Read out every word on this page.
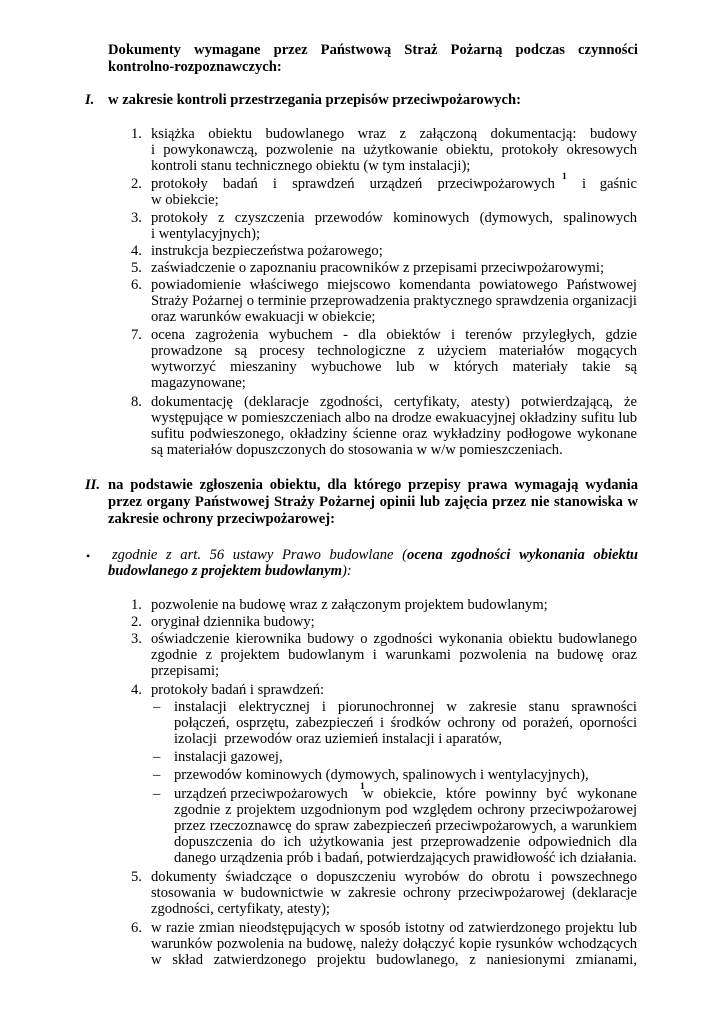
Dokumenty wymagane przez Państwową Straż Pożarną podczas czynności
kontrolno-rozpoznawczych:
I. w zakresie kontroli przestrzegania przepisów przeciwpożarowych:
1. książka obiektu budowlanego wraz z załączoną dokumentacją: budowy
i powykonawczą, pozwolenie na użytkowanie obiektu, protokoły okresowych
kontroli stanu technicznego obiektu (w tym instalacji);
2. protokoły badań i sprawdzeń urządzeń przeciwpożarowych 1 i gaśnic
w obiekcie;
3. protokoły z czyszczenia przewodów kominowych (dymowych, spalinowych
i wentylacyjnych);
4. instrukcja bezpieczeństwa pożarowego;
5. zaświadczenie o zapoznaniu pracowników z przepisami przeciwpożarowymi;
6. powiadomienie właściwego miejscowo komendanta powiatowego Państwowej
Straży Pożarnej o terminie przeprowadzenia praktycznego sprawdzenia organizacji
oraz warunków ewakuacji w obiekcie;
7. ocena zagrożenia wybuchem - dla obiektów i terenów przyległych, gdzie
prowadzone są procesy technologiczne z użyciem materiałów mogących
wytworzyć mieszaniny wybuchowe lub w których materiały takie są
magazynowane;
8. dokumentację (deklaracje zgodności, certyfikaty, atesty) potwierdzającą, że
występujące w pomieszczeniach albo na drodze ewakuacyjnej okładziny sufitu lub
sufitu podwieszonego, okładziny ścienne oraz wykładziny podłogowe wykonane
są materiałów dopuszczonych do stosowania w w/w pomieszczeniach.
II. na podstawie zgłoszenia obiektu, dla którego przepisy prawa wymagają wydania
przez organy Państwowej Straży Pożarnej opinii lub zajęcia przez nie stanowiska w
zakresie ochrony przeciwpożarowej:
• zgodnie z art. 56 ustawy Prawo budowlane (ocena zgodności wykonania obiektu
budowlanego z projektem budowlanym):
1. pozwolenie na budowę wraz z załączonym projektem budowlanym;
2. oryginał dziennika budowy;
3. oświadczenie kierownika budowy o zgodności wykonania obiektu budowlanego
zgodnie z projektem budowlanym i warunkami pozwolenia na budowę oraz
przepisami;
4. protokoły badań i sprawdzeń:
– instalacji elektrycznej i piorunochronnej w zakresie stanu sprawności
połączeń, osprzętu, zabezpieczeń i środków ochrony od porażeń, oporności
izolacji  przewodów oraz uziemień instalacji i aparatów,
– instalacji gazowej,
– przewodów kominowych (dymowych, spalinowych i wentylacyjnych),
– urządzeń przeciwpożarowych 1
w obiekcie, które powinny być wykonane
zgodnie z projektem uzgodnionym pod względem ochrony przeciwpożarowej
przez rzeczoznawcę do spraw zabezpieczeń przeciwpożarowych, a warunkiem
dopuszczenia do ich użytkowania jest przeprowadzenie odpowiednich dla
danego urządzenia prób i badań, potwierdzających prawidłowość ich działania.
5. dokumenty świadczące o dopuszczeniu wyrobów do obrotu i powszechnego
stosowania w budownictwie w zakresie ochrony przeciwpożarowej (deklaracje
zgodności, certyfikaty, atesty);
6. w razie zmian nieodstępujących w sposób istotny od zatwierdzonego projektu lub
warunków pozwolenia na budowę, należy dołączyć kopie rysunków wchodzących
w skład zatwierdzonego projektu budowlanego, z naniesionymi zmianami,
